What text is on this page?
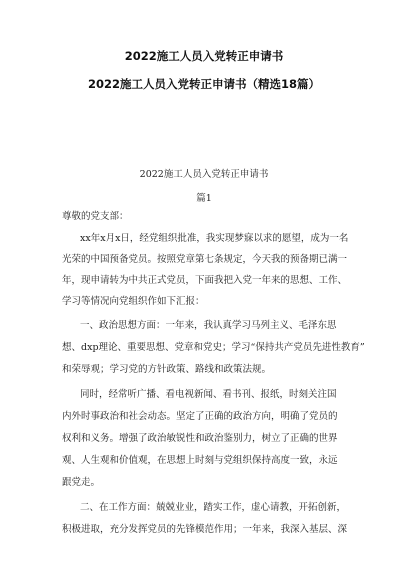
2022施工人员入党转正申请书
2022施工人员入党转正申请书（精选18篇）
2022施工人员入党转正申请书
篇1
尊敬的党支部：
xx年x月x日，经党组织批准，我实现梦寐以求的愿望，成为一名
光荣的中国预备党员。按照党章第七条规定，今天我的预备期已满一
年，现申请转为中共正式党员，下面我把入党一年来的思想、工作、
学习等情况向党组织作如下汇报：
一、政治思想方面：一年来，我认真学习马列主义、毛泽东思
想、dxp理论、重要思想、党章和党史；学习“保持共产党员先进性教育”
和荣辱观；学习党的方针政策、路线和政策法规。
同时，经常听广播、看电视新闻、看书刊、报纸，时刻关注国
内外时事政治和社会动态。坚定了正确的政治方向，明确了党员的
权利和义务。增强了政治敏锐性和政治鉴别力，树立了正确的世界
观、人生观和价值观，在思想上时刻与党组织保持高度一致，永远
跟党走。
二、在工作方面：兢兢业业，踏实工作，虚心请教，开拓创新，
积极进取，充分发挥党员的先锋模范作用；一年来，我深入基层、深
